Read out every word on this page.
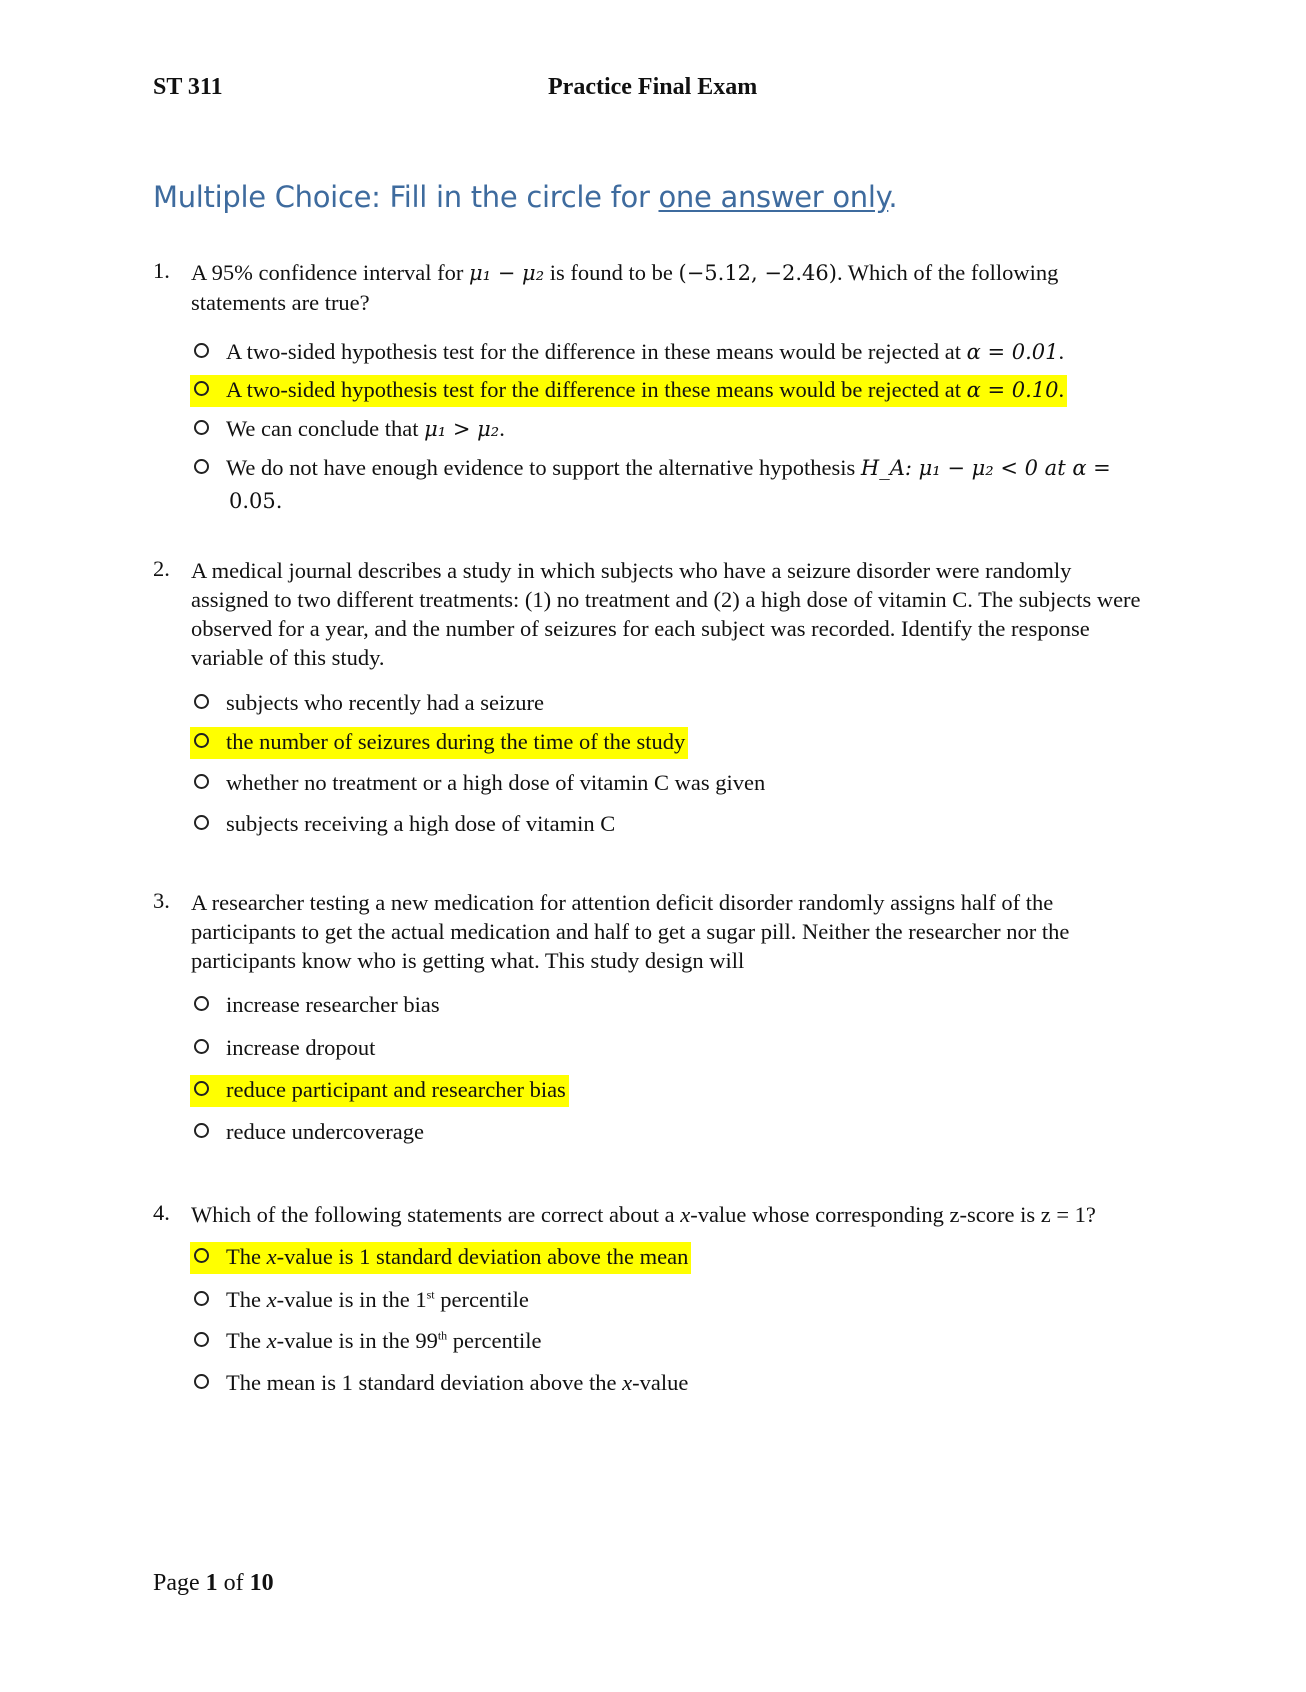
ST 311	Practice Final Exam
Multiple Choice: Fill in the circle for one answer only.
1. A 95% confidence interval for μ₁ − μ₂ is found to be (−5.12, −2.46). Which of the following statements are true?
A two-sided hypothesis test for the difference in these means would be rejected at α = 0.01.
A two-sided hypothesis test for the difference in these means would be rejected at α = 0.10.
We can conclude that μ₁ > μ₂.
We do not have enough evidence to support the alternative hypothesis H_A: μ₁ − μ₂ < 0 at α =
0.05.
2. A medical journal describes a study in which subjects who have a seizure disorder were randomly assigned to two different treatments: (1) no treatment and (2) a high dose of vitamin C. The subjects were observed for a year, and the number of seizures for each subject was recorded. Identify the response variable of this study.
subjects who recently had a seizure
the number of seizures during the time of the study
whether no treatment or a high dose of vitamin C was given
subjects receiving a high dose of vitamin C
3. A researcher testing a new medication for attention deficit disorder randomly assigns half of the participants to get the actual medication and half to get a sugar pill. Neither the researcher nor the participants know who is getting what. This study design will
increase researcher bias
increase dropout
reduce participant and researcher bias
reduce undercoverage
4. Which of the following statements are correct about a x-value whose corresponding z-score is z = 1?
The x-value is 1 standard deviation above the mean
The x-value is in the 1st percentile
The x-value is in the 99th percentile
The mean is 1 standard deviation above the x-value
Page 1 of 10
